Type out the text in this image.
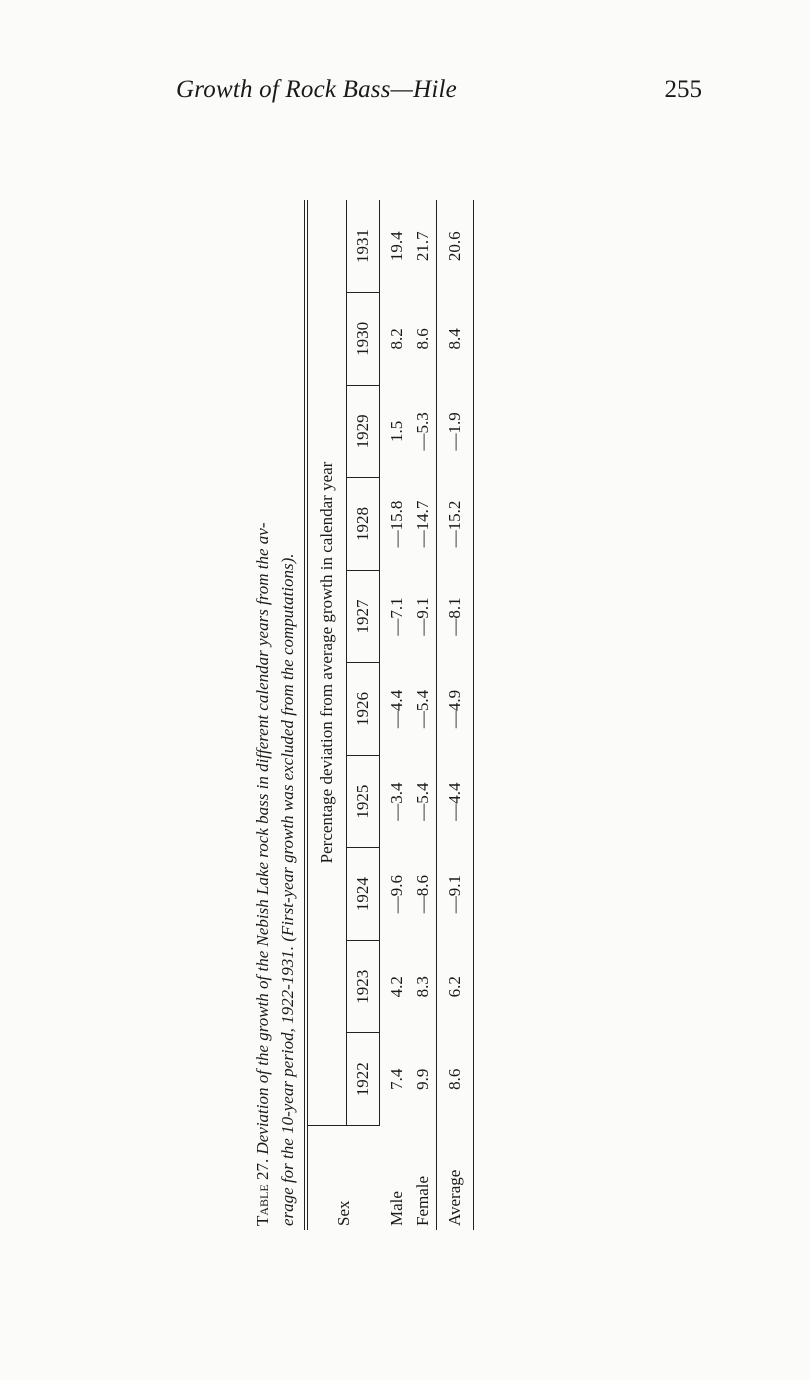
Growth of Rock Bass—Hile	255
Table 27. Deviation of the growth of the Nebish Lake rock bass in different calendar years from the av- erage for the 10-year period, 1922-1931. (First-year growth was excluded from the computations). Sex	Percentage deviation from average growth in calendar year									
	1922	1923	1924	1925	1926	1927	1928	1929	1930	1931
Male	7.4	4.2	—9.6	—3.4	—4.4	—7.1	—15.8	1.5	8.2	19.4
Female	9.9	8.3	—8.6	—5.4	—5.4	—9.1	—14.7	—5.3	8.6	21.7
Average	8.6	6.2	—9.1	—4.4	—4.9	—8.1	—15.2	—1.9	8.4	20.6
